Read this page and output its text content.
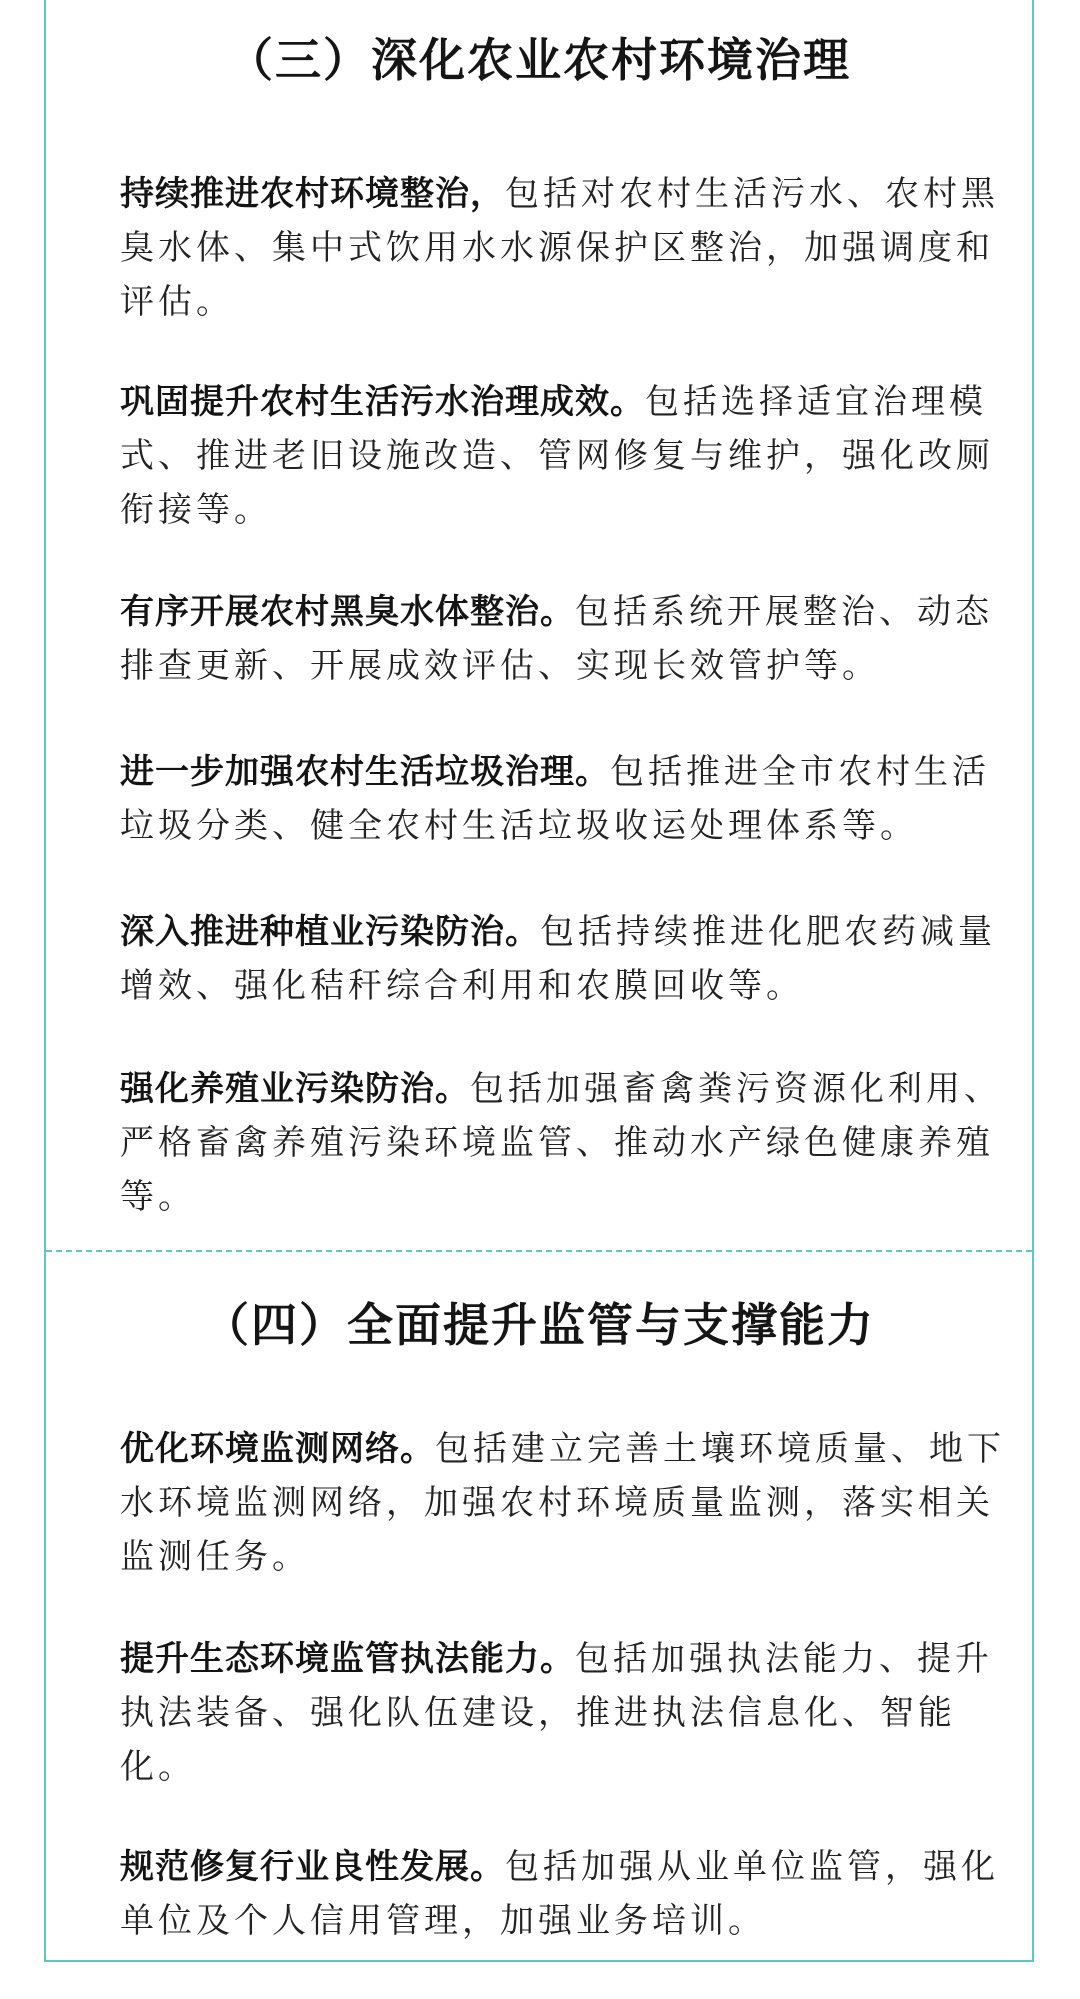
（三）深化农业农村环境治理

持续推进农村环境整治，包括对农村生活污水、农村黑臭水体、集中式饮用水水源保护区整治，加强调度和评估。

巩固提升农村生活污水治理成效。包括选择适宜治理模式、推进老旧设施改造、管网修复与维护，强化改厕衔接等。

有序开展农村黑臭水体整治。包括系统开展整治、动态排查更新、开展成效评估、实现长效管护等。

进一步加强农村生活垃圾治理。包括推进全市农村生活垃圾分类、健全农村生活垃圾收运处理体系等。

深入推进种植业污染防治。包括持续推进化肥农药减量增效、强化秸秆综合利用和农膜回收等。

强化养殖业污染防治。包括加强畜禽粪污资源化利用、严格畜禽养殖污染环境监管、推动水产绿色健康养殖等。

（四）全面提升监管与支撑能力

优化环境监测网络。包括建立完善土壤环境质量、地下水环境监测网络，加强农村环境质量监测，落实相关监测任务。

提升生态环境监管执法能力。包括加强执法能力、提升执法装备、强化队伍建设，推进执法信息化、智能化。

规范修复行业良性发展。包括加强从业单位监管，强化单位及个人信用管理，加强业务培训。
